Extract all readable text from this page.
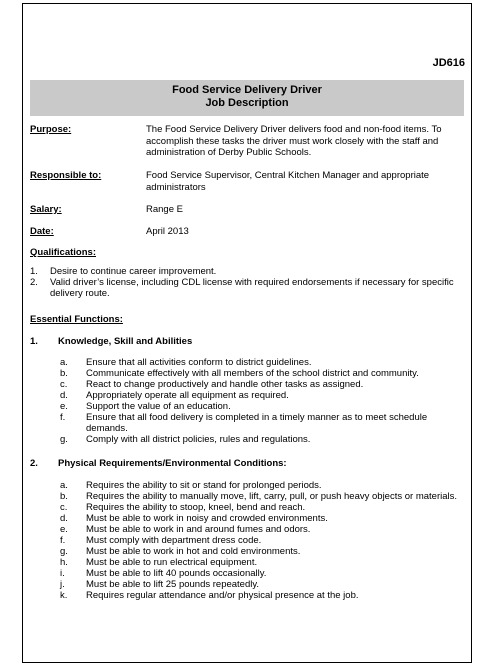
JD616
Food Service Delivery Driver
Job Description
Purpose:	The Food Service Delivery Driver delivers food and non-food items. To accomplish these tasks the driver must work closely with the staff and administration of Derby Public Schools.
Responsible to:	Food Service Supervisor, Central Kitchen Manager and appropriate administrators
Salary:	Range E
Date:	April 2013
Qualifications:
1. Desire to continue career improvement.
2. Valid driver’s license, including CDL license with required endorsements if necessary for specific delivery route.
Essential Functions:
1. Knowledge, Skill and Abilities
a. Ensure that all activities conform to district guidelines.
b. Communicate effectively with all members of the school district and community.
c. React to change productively and handle other tasks as assigned.
d. Appropriately operate all equipment as required.
e. Support the value of an education.
f. Ensure that all food delivery is completed in a timely manner as to meet schedule demands.
g. Comply with all district policies, rules and regulations.
2. Physical Requirements/Environmental Conditions:
a. Requires the ability to sit or stand for prolonged periods.
b. Requires the ability to manually move, lift, carry, pull, or push heavy objects or materials.
c. Requires the ability to stoop, kneel, bend and reach.
d. Must be able to work in noisy and crowded environments.
e. Must be able to work in and around fumes and odors.
f. Must comply with department dress code.
g. Must be able to work in hot and cold environments.
h. Must be able to run electrical equipment.
i. Must be able to lift 40 pounds occasionally.
j. Must be able to lift 25 pounds repeatedly.
k. Requires regular attendance and/or physical presence at the job.
